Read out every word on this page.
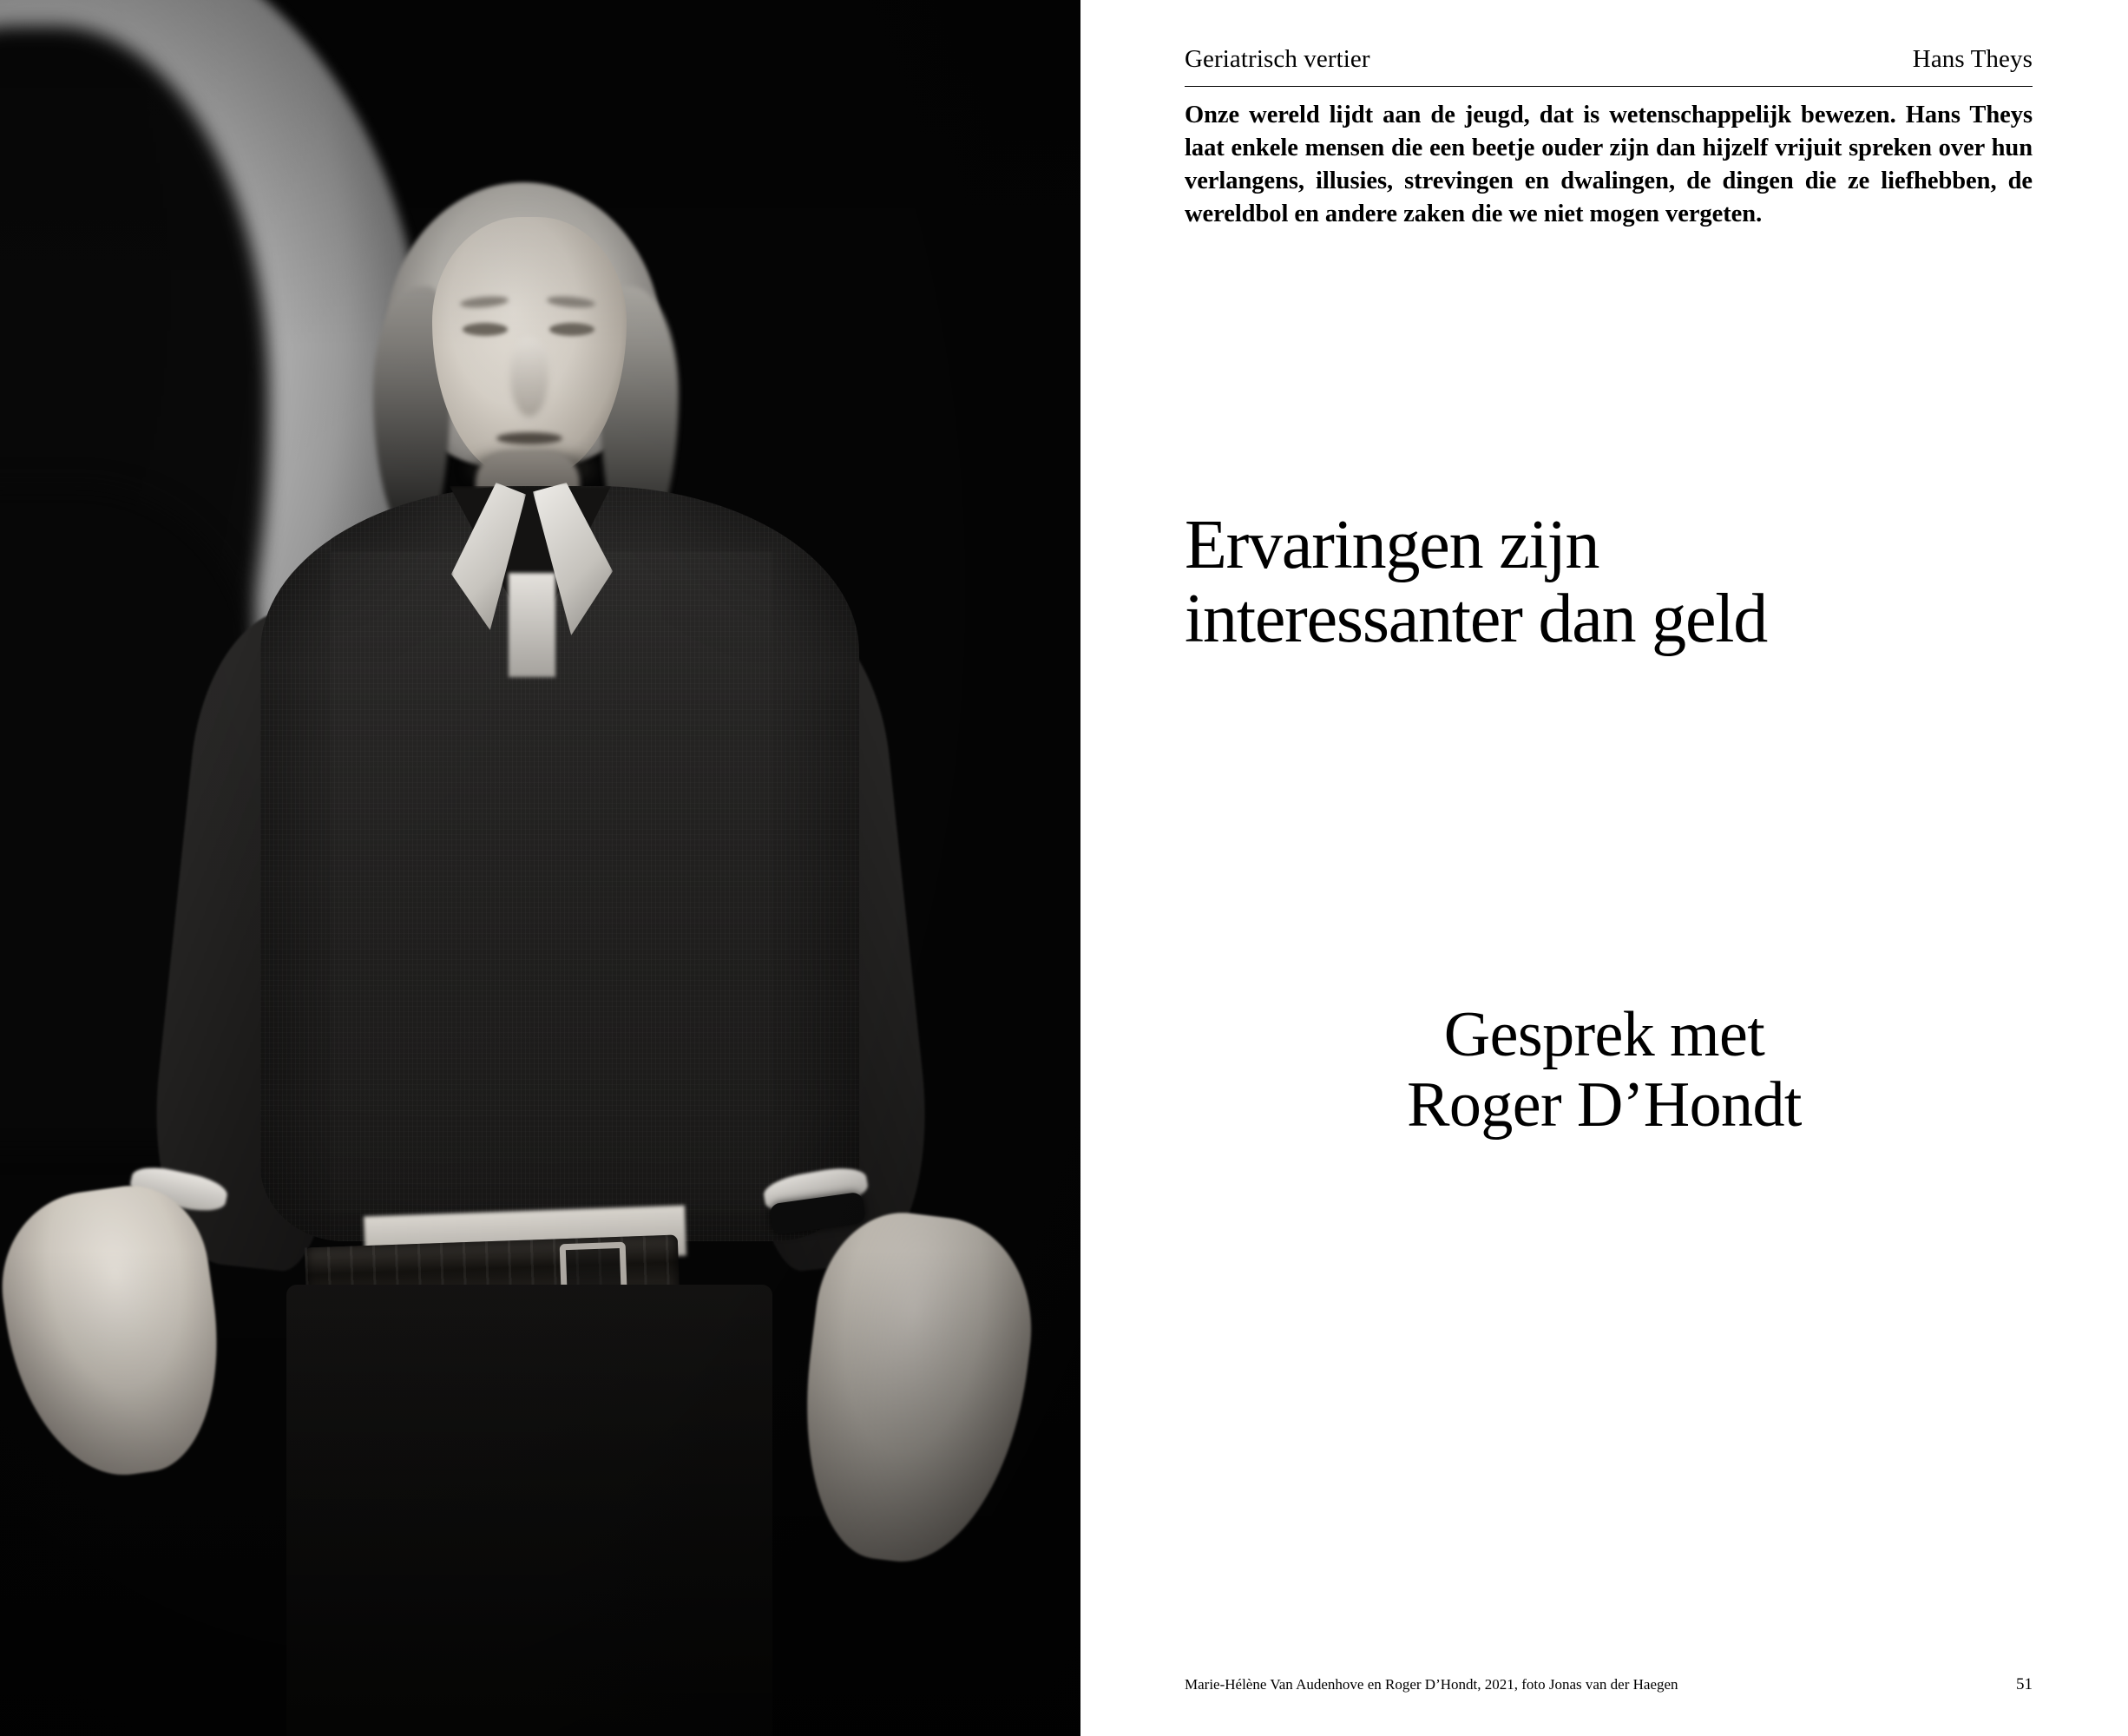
Geriatrisch vertier	Hans Theys

Onze wereld lijdt aan de jeugd, dat is wetenschappelijk bewezen. Hans Theys laat enkele mensen die een beetje ouder zijn dan hijzelf vrijuit spreken over hun verlangens, illusies, strevingen en dwalingen, de dingen die ze liefhebben, de wereldbol en andere zaken die we niet mogen vergeten.

Ervaringen zijn
interessanter dan geld
Gesprek met
Roger D’Hondt
Marie-Hélène Van Audenhove en Roger D’Hondt, 2021, foto Jonas van der Haegen	51
